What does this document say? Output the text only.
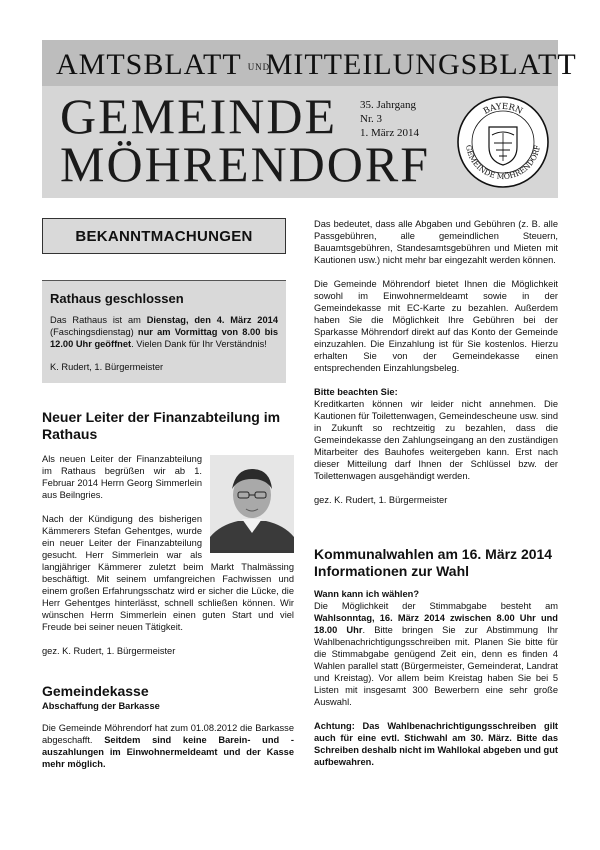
AMTSBLATT UNDMITTEILUNGSBLATT
GEMEINDE
MÖHRENDORF
35. Jahrgang
Nr. 3
1. März 2014
BAYERN
GEMEINDE MÖHRENDORF
BEKANNTMACHUNGEN
Rathaus geschlossen

Das Rathaus ist am Dienstag, den 4. März 2014 (Faschingsdienstag) nur am Vormittag von 8.00 bis 12.00 Uhr geöffnet. Vielen Dank für Ihr Verständnis!

K. Rudert, 1. Bürgermeister

Neuer Leiter der Finanzabteilung im Rathaus

Als neuen Leiter der Finanzabteilung im Rathaus begrüßen wir ab 1. Februar 2014 Herrn Georg Simmerlein aus Beilngries.

Nach der Kündigung des bisherigen Kämmerers Stefan Gehentges, wurde ein neuer Leiter der Finanzabteilung gesucht. Herr Simmerlein war als langjähriger Kämmerer zuletzt beim Markt Thalmässing beschäftigt. Mit seinem umfangreichen Fachwissen und einem großen Erfahrungsschatz wird er sicher die Lücke, die Herr Gehentges hinterlässt, schnell schließen können. Wir wünschen Herrn Simmerlein einen guten Start und viel Freude bei seiner neuen Tätigkeit.

gez. K. Rudert, 1. Bürgermeister

Gemeindekasse

Abschaffung der Barkasse

Die Gemeinde Möhrendorf hat zum 01.08.2012 die Barkasse abgeschafft. Seitdem sind keine Barein- und -auszahlungen im Einwohnermeldeamt und der Kasse mehr möglich.

Das bedeutet, dass alle Abgaben und Gebühren (z. B. alle Passgebühren, alle gemeindlichen Steuern, Bauamtsgebühren, Standesamtsgebühren und Mieten mit Kautionen usw.) nicht mehr bar eingezahlt werden können.

Die Gemeinde Möhrendorf bietet Ihnen die Möglichkeit sowohl im Einwohnermeldeamt sowie in der Gemeindekasse mit EC-Karte zu bezahlen. Außerdem haben Sie die Möglichkeit Ihre Gebühren bei der Sparkasse Möhrendorf direkt auf das Konto der Gemeinde einzuzahlen. Die Einzahlung ist für Sie kostenlos. Hierzu erhalten Sie von der Gemeindekasse einen entsprechenden Einzahlungsbeleg.

Bitte beachten Sie:

Kreditkarten können wir leider nicht annehmen. Die Kautionen für Toilettenwagen, Gemeindescheune usw. sind in Zukunft so rechtzeitig zu bezahlen, dass die Gemeindekasse den Zahlungseingang an den zuständigen Mitarbeiter des Bauhofes weitergeben kann. Erst nach dieser Mitteilung darf Ihnen der Schlüssel bzw. der Toilettenwagen ausgehändigt werden.

gez. K. Rudert, 1. Bürgermeister

Kommunalwahlen am 16. März 2014 Informationen zur Wahl

Wann kann ich wählen?

Die Möglichkeit der Stimmabgabe besteht am Wahlsonntag, 16. März 2014 zwischen 8.00 Uhr und 18.00 Uhr. Bitte bringen Sie zur Abstimmung Ihr Wahlbenachrichtigungsschreiben mit. Planen Sie bitte für die Stimmabgabe genügend Zeit ein, denn es finden 4 Wahlen parallel statt (Bürgermeister, Gemeinderat, Landrat und Kreistag). Vor allem beim Kreistag haben Sie bei 5 Listen mit insgesamt 300 Bewerbern eine sehr große Auswahl.

Achtung: Das Wahlbenachrichtigungsschreiben gilt auch für eine evtl. Stichwahl am 30. März. Bitte das Schreiben deshalb nicht im Wahllokal abgeben und gut aufbewahren.
